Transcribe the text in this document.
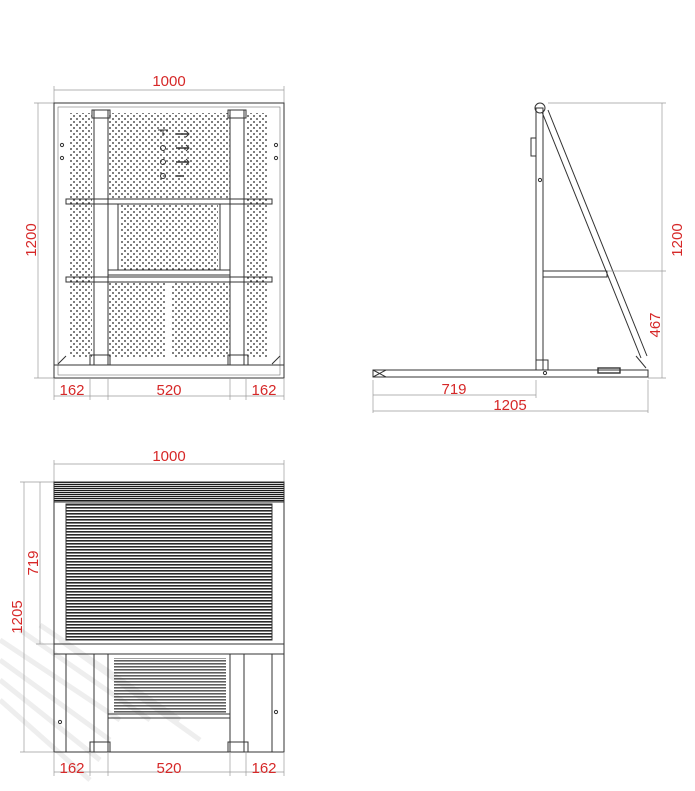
1000
1200
162	520	162
1200
467
719
1205
1000
719
1205
162	520	162
